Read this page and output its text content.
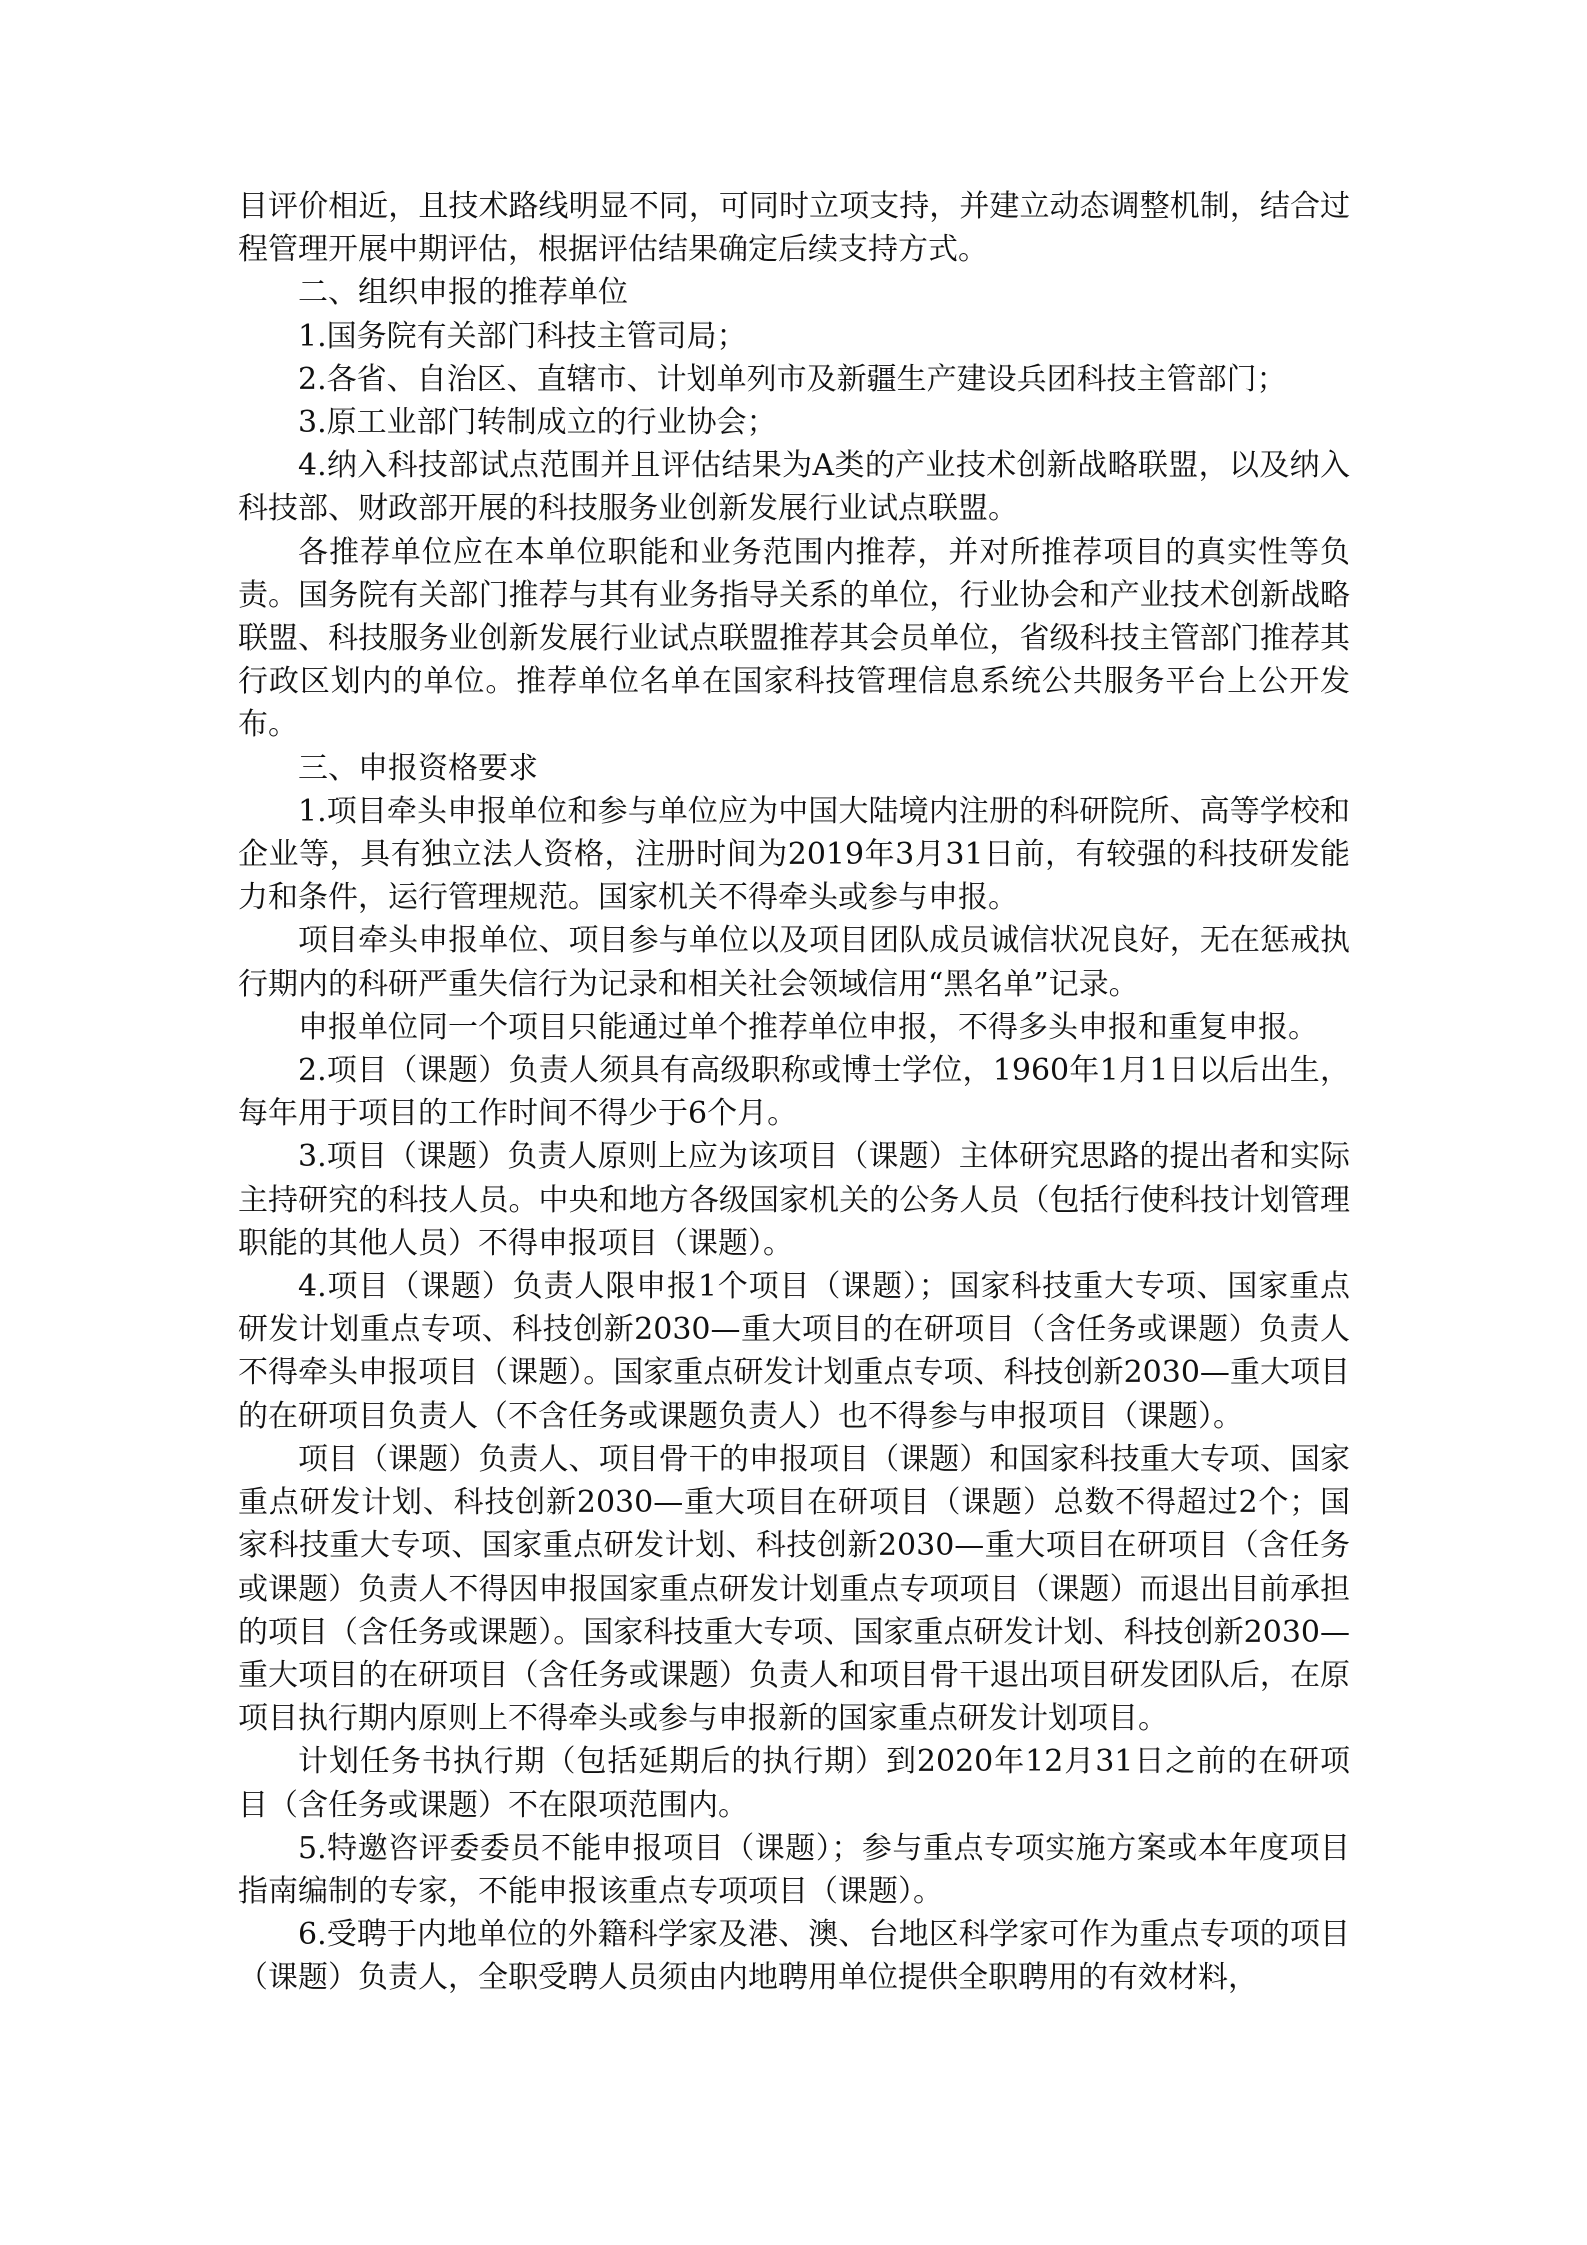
目评价相近，且技术路线明显不同，可同时立项支持，并建立动态调整机制，结合过程管理开展中期评估，根据评估结果确定后续支持方式。

二、组织申报的推荐单位

1.国务院有关部门科技主管司局；

2.各省、自治区、直辖市、计划单列市及新疆生产建设兵团科技主管部门；

3.原工业部门转制成立的行业协会；

4.纳入科技部试点范围并且评估结果为A类的产业技术创新战略联盟，以及纳入科技部、财政部开展的科技服务业创新发展行业试点联盟。

各推荐单位应在本单位职能和业务范围内推荐，并对所推荐项目的真实性等负责。国务院有关部门推荐与其有业务指导关系的单位，行业协会和产业技术创新战略联盟、科技服务业创新发展行业试点联盟推荐其会员单位，省级科技主管部门推荐其行政区划内的单位。推荐单位名单在国家科技管理信息系统公共服务平台上公开发布。

三、申报资格要求

1.项目牵头申报单位和参与单位应为中国大陆境内注册的科研院所、高等学校和企业等，具有独立法人资格，注册时间为2019年3月31日前，有较强的科技研发能力和条件，运行管理规范。国家机关不得牵头或参与申报。

项目牵头申报单位、项目参与单位以及项目团队成员诚信状况良好，无在惩戒执行期内的科研严重失信行为记录和相关社会领域信用“黑名单”记录。

申报单位同一个项目只能通过单个推荐单位申报，不得多头申报和重复申报。

2.项目（课题）负责人须具有高级职称或博士学位，1960年1月1日以后出生，每年用于项目的工作时间不得少于6个月。

3.项目（课题）负责人原则上应为该项目（课题）主体研究思路的提出者和实际主持研究的科技人员。中央和地方各级国家机关的公务人员（包括行使科技计划管理职能的其他人员）不得申报项目（课题）。

4.项目（课题）负责人限申报1个项目（课题）；国家科技重大专项、国家重点研发计划重点专项、科技创新2030—重大项目的在研项目（含任务或课题）负责人不得牵头申报项目（课题）。国家重点研发计划重点专项、科技创新2030—重大项目的在研项目负责人（不含任务或课题负责人）也不得参与申报项目（课题）。

项目（课题）负责人、项目骨干的申报项目（课题）和国家科技重大专项、国家重点研发计划、科技创新2030—重大项目在研项目（课题）总数不得超过2个；国家科技重大专项、国家重点研发计划、科技创新2030—重大项目在研项目（含任务或课题）负责人不得因申报国家重点研发计划重点专项项目（课题）而退出目前承担的项目（含任务或课题）。国家科技重大专项、国家重点研发计划、科技创新2030—重大项目的在研项目（含任务或课题）负责人和项目骨干退出项目研发团队后，在原项目执行期内原则上不得牵头或参与申报新的国家重点研发计划项目。

计划任务书执行期（包括延期后的执行期）到2020年12月31日之前的在研项目（含任务或课题）不在限项范围内。

5.特邀咨评委委员不能申报项目（课题）；参与重点专项实施方案或本年度项目指南编制的专家，不能申报该重点专项项目（课题）。

6.受聘于内地单位的外籍科学家及港、澳、台地区科学家可作为重点专项的项目（课题）负责人，全职受聘人员须由内地聘用单位提供全职聘用的有效材料，
